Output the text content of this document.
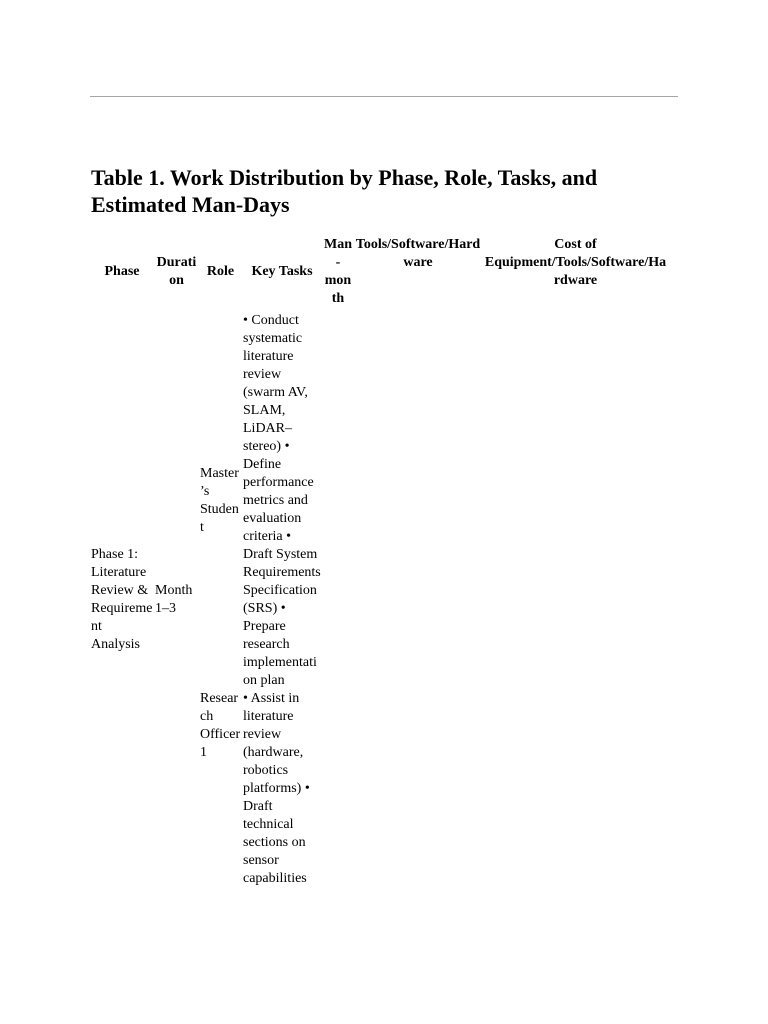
Table 1. Work Distribution by Phase, Role, Tasks, and Estimated Man-Days
Phase	Duration	Role	Key Tasks	Man-month	Tools/Software/Hardware	Cost of Equipment/Tools/Software/Hardware
Phase 1: Literature Review & Requirement Analysis	Month 1–3	Master’s Student	• Conduct systematic literature review (swarm AV, SLAM, LiDAR–stereo) • Define performance metrics and evaluation criteria • Draft System Requirements Specification (SRS) • Prepare research implementation plan			
		Research Officer 1	• Assist in literature review (hardware, robotics platforms) • Draft technical sections on sensor capabilities			
